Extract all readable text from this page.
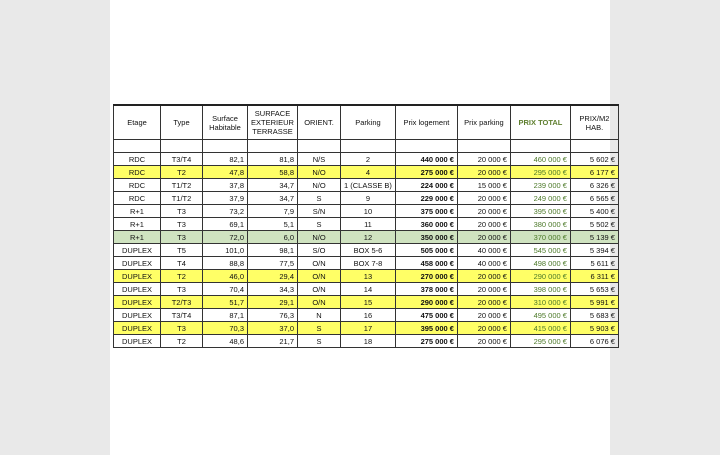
Etage	Type	Surface Habitable	SURFACE EXTERIEUR TERRASSE	ORIENT.	Parking	Prix logement	Prix parking	PRIX TOTAL	PRIX/M2 HAB.

RDC	T3/T4	82,1	81,8	N/S	2	440 000 €	20 000 €	460 000 €	5 602 €
RDC	T2	47,8	58,8	N/O	4	275 000 €	20 000 €	295 000 €	6 177 €
RDC	T1/T2	37,8	34,7	N/O	1 (CLASSE B)	224 000 €	15 000 €	239 000 €	6 326 €
RDC	T1/T2	37,9	34,7	S	9	229 000 €	20 000 €	249 000 €	6 565 €
R+1	T3	73,2	7,9	S/N	10	375 000 €	20 000 €	395 000 €	5 400 €
R+1	T3	69,1	5,1	S	11	360 000 €	20 000 €	380 000 €	5 502 €
R+1	T3	72,0	6,0	N/O	12	350 000 €	20 000 €	370 000 €	5 139 €
DUPLEX	T5	101,0	98,1	S/O	BOX 5-6	505 000 €	40 000 €	545 000 €	5 394 €
DUPLEX	T4	88,8	77,5	O/N	BOX 7-8	458 000 €	40 000 €	498 000 €	5 611 €
DUPLEX	T2	46,0	29,4	O/N	13	270 000 €	20 000 €	290 000 €	6 311 €
DUPLEX	T3	70,4	34,3	O/N	14	378 000 €	20 000 €	398 000 €	5 653 €
DUPLEX	T2/T3	51,7	29,1	O/N	15	290 000 €	20 000 €	310 000 €	5 991 €
DUPLEX	T3/T4	87,1	76,3	N	16	475 000 €	20 000 €	495 000 €	5 683 €
DUPLEX	T3	70,3	37,0	S	17	395 000 €	20 000 €	415 000 €	5 903 €
DUPLEX	T2	48,6	21,7	S	18	275 000 €	20 000 €	295 000 €	6 076 €
